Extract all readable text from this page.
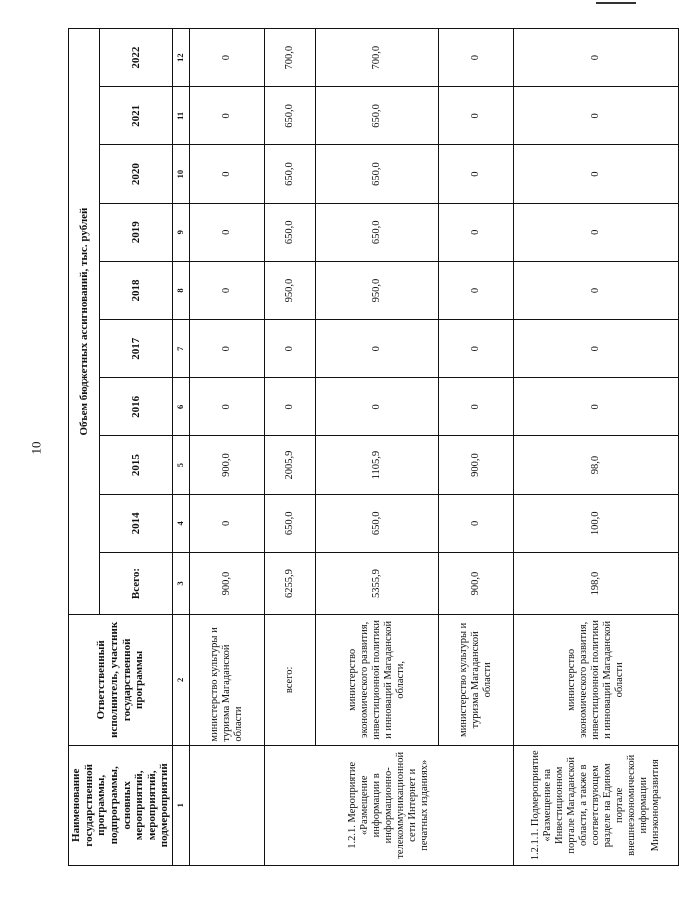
10
Наименование государственной программы, подпрограммы, основных мероприятий, мероприятий, подмероприятий	Ответственный исполнитель, участник государственной программы	Объем бюджетных ассигнований, тыс. рублей									
		Всего:	2014	2015	2016	2017	2018	2019	2020	2021	2022
1	2	3	4	5	6	7	8	9	10	11	12
	министерство культуры и туризма Магаданской области	900,0	0	900,0	0	0	0	0	0	0	0
1.2.1. Мероприятие «Размещение информации в информационно-телекоммуникационной сети Интернет и печатных изданиях»	всего:	6255,9	650,0	2005,9	0	0	950,0	650,0	650,0	650,0	700,0
	министерство экономического развития, инвестиционной политики и инноваций Магаданской области,	5355,9	650,0	1105,9	0	0	950,0	650,0	650,0	650,0	700,0
	министерство культуры и туризма Магаданской области	900,0	0	900,0	0	0	0	0	0	0	0
1.2.1.1. Подмероприятие «Размещение на Инвестиционном портале Магаданской области, а также в соответствующем разделе на Едином портале внешнеэкономической информации Минэкономразвития	министерство экономического развития, инвестиционной политики и инноваций Магаданской области	198,0	100,0	98,0	0	0	0	0	0	0	0
